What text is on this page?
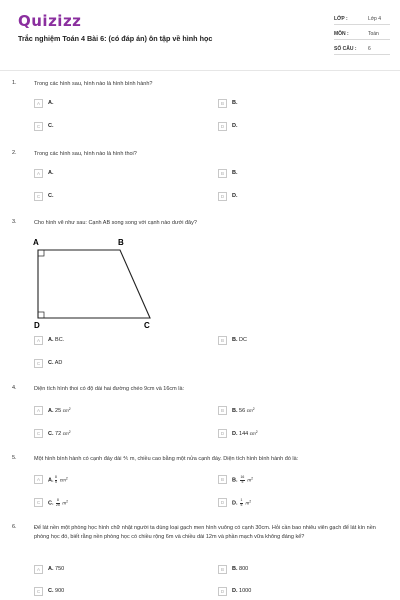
Quizizz
Trắc nghiệm Toán 4 Bài 6: (có đáp án) ôn tập về hình học
LỚP :	Lớp 4
MÔN :	Toán
SỐ CÂU : 6
1.	Trong các hình sau, hình nào là hình bình hành?
A	A.	B	B.
C	C.	D	D.
2.	Trong các hình sau, hình nào là hình thoi?
A	A.	B	B.
C	C.	D	D.
3.	Cho hình vẽ như sau: Cạnh AB song song với cạnh nào dưới đây?
A	B
C
D
A	A. BC.	B	B. DC
C	C. AD
4.	Diện tích hình thoi có độ dài hai đường chéo 9cm và 16cm là:
A	A. 25 $cm^2$	B	B. 56 $cm^2$
C	C. 72 $cm^2$	D	D. 144 $cm^2$
5.	Một hình bình hành có cạnh đáy dài ⅘ m, chiều cao bằng một nửa cạnh đáy. Diện tích hình bình hành đó là:
A	A. $\frac{8}{5} cm^2$	B	B. $\frac{16}{5} m^2$
C	C. $\frac{8}{25} m^2$	D	D. $\frac{1}{5} m^2$
6.	Để lát nền một phòng học hình chữ nhật người ta dùng loại gạch men hình vuông có cạnh 30cm. Hỏi cần bao nhiêu viên gạch để lát kín nền phòng học đó, biết rằng nền phòng học có chiều rộng 6m và chiều dài 12m và phần mạch vữa không đáng kể?
A	A. 750	B	B. 800
C	C. 900	D	D. 1000
